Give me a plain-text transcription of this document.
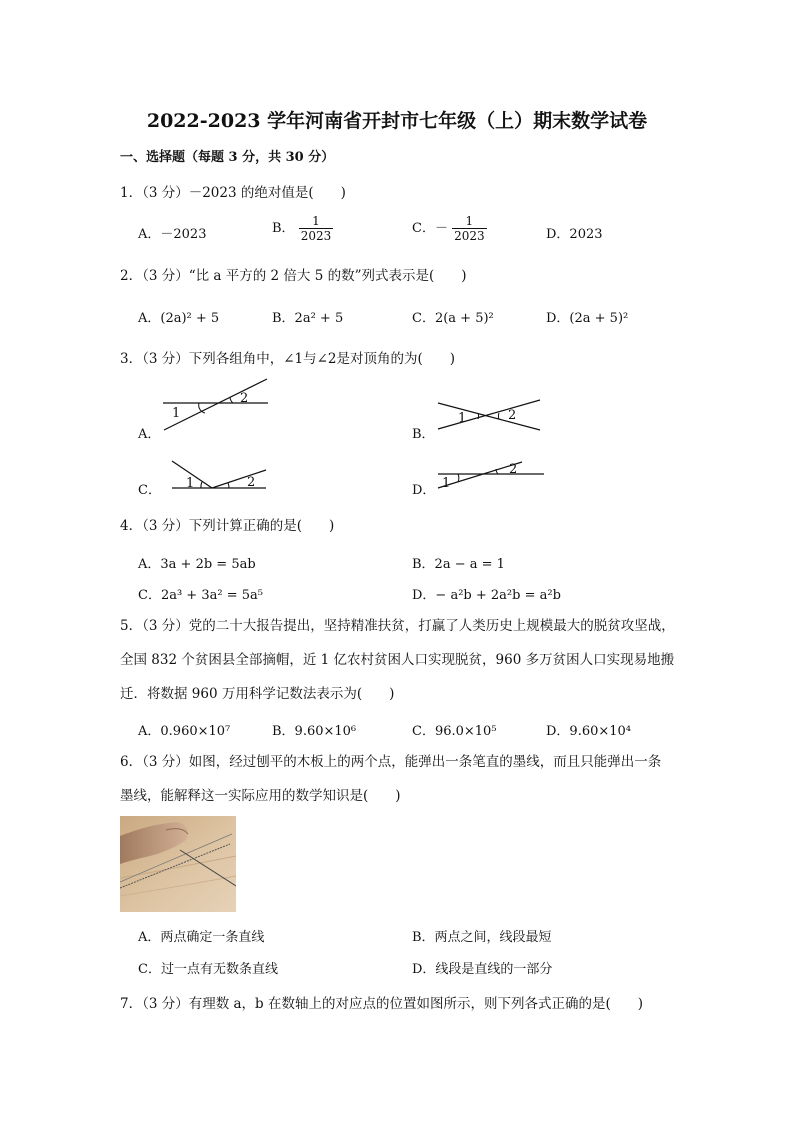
2022-2023 学年河南省开封市七年级（上）期末数学试卷
一、选择题（每题 3 分，共 30 分）
1．（3 分）－2023 的绝对值是(　　)
A．－2023	B． $\frac{1}{2023}$	C．－ $\frac{1}{2023}$	D．2023
2．（3 分）“比 a 平方的 2 倍大 5 的数”列式表示是(　　)
A．(2a)² + 5	B．2a² + 5	C．2(a + 5)²	D．(2a + 5)²
3．（3 分）下列各组角中，∠1与∠2是对顶角的为(　　)
A．
1
2
B．
1	2
C． 1	2
D． 1
2
4．（3 分）下列计算正确的是(　　)
A．3a + 2b = 5ab	B．2a − a = 1
C．2a³ + 3a² = 5a⁵	D．− a²b + 2a²b = a²b
5．（3 分）党的二十大报告提出，坚持精准扶贫，打赢了人类历史上规模最大的脱贫攻坚战，
全国 832 个贫困县全部摘帽，近 1 亿农村贫困人口实现脱贫，960 多万贫困人口实现易地搬
迁．将数据 960 万用科学记数法表示为(　　)
A．0.960×10⁷	B．9.60×10⁶	C．96.0×10⁵	D．9.60×10⁴
6．（3 分）如图，经过刨平的木板上的两个点，能弹出一条笔直的墨线，而且只能弹出一条
墨线，能解释这一实际应用的数学知识是(　　)
A．两点确定一条直线	B．两点之间，线段最短
C．过一点有无数条直线	D．线段是直线的一部分
7．（3 分）有理数 a，b 在数轴上的对应点的位置如图所示，则下列各式正确的是(　　)
